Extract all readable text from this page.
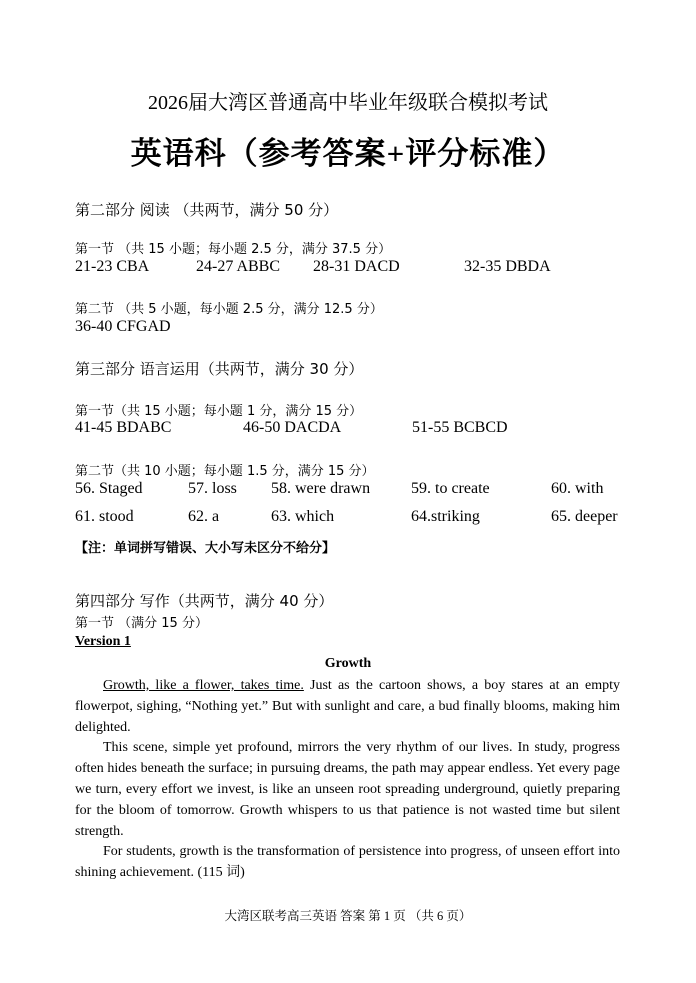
2026届大湾区普通高中毕业年级联合模拟考试
英语科（参考答案+评分标准）
第二部分 阅读 （共两节，满分 50 分）
第一节 （共 15 小题；每小题 2.5 分，满分 37.5 分）
21-23 CBA	24-27 ABBC 28-31 DACD	32-35 DBDA
第二节 （共 5 小题，每小题 2.5 分，满分 12.5 分）
36-40 CFGAD
第三部分 语言运用（共两节，满分 30 分）
第一节（共 15 小题；每小题 1 分，满分 15 分）
41-45 BDABC	46-50 DACDA	51-55 BCBCD
第二节（共 10 小题；每小题 1.5 分，满分 15 分）
56. Staged	57. loss 58. were drawn	59. to create	60. with
61. stood	62. a	63. which	64.striking	65. deeper
【注：单词拼写错误、大小写未区分不给分】
第四部分 写作（共两节，满分 40 分）
第一节 （满分 15 分）
Version 1
Growth

Growth, like a flower, takes time. Just as the cartoon shows, a boy stares at an empty flowerpot, sighing, “Nothing yet.” But with sunlight and care, a bud finally blooms, making him delighted.

This scene, simple yet profound, mirrors the very rhythm of our lives. In study, progress often hides beneath the surface; in pursuing dreams, the path may appear endless. Yet every page we turn, every effort we invest, is like an unseen root spreading underground, quietly preparing for the bloom of tomorrow. Growth whispers to us that patience is not wasted time but silent strength.

For students, growth is the transformation of persistence into progress, of unseen effort into shining achievement. (115 词)

大湾区联考高三英语 答案 第 1 页 （共 6 页）
